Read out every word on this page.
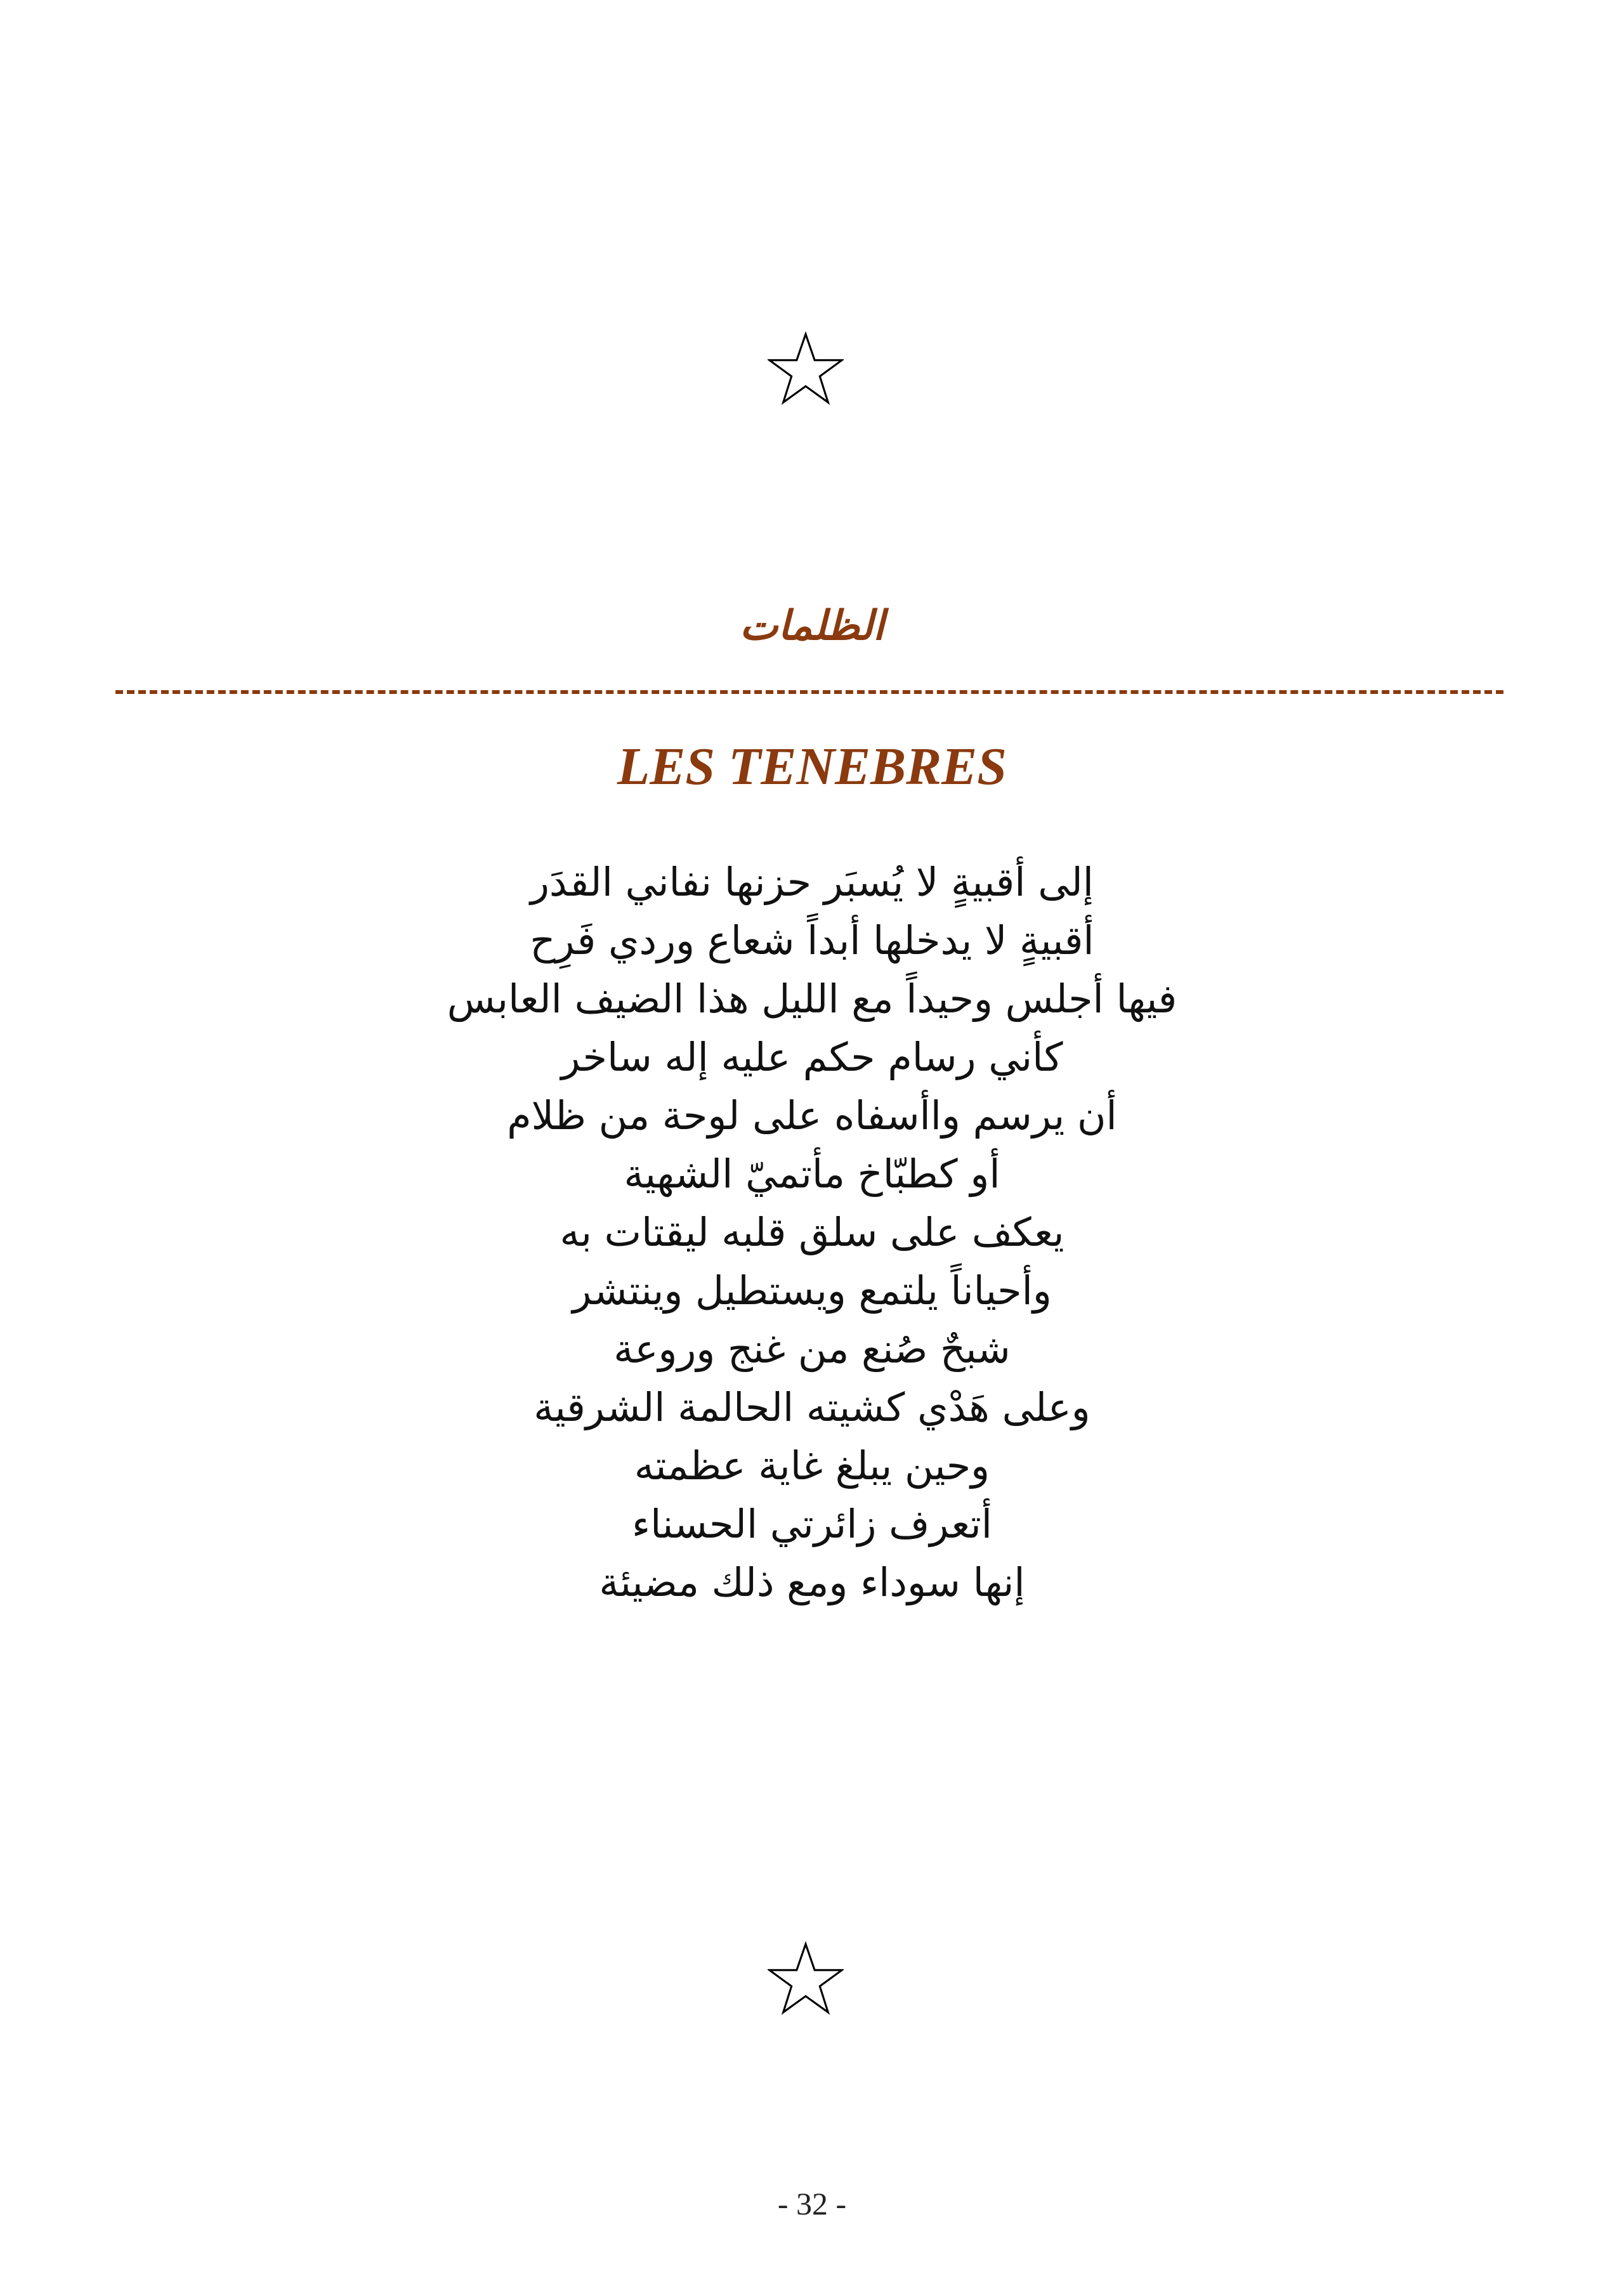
الظلمات
LES TENEBRES
إلى أقبيةٍ لا يُسبَر حزنها نفاني القدَر
أقبيةٍ لا يدخلها أبداً شعاع وردي فَرِح
فيها أجلس وحيداً مع الليل هذا الضيف العابس
كأني رسام حكم عليه إله ساخر
أن يرسم واأسفاه على لوحة من ظلام
أو كطبّاخ مأتميّ الشهية
يعكف على سلق قلبه ليقتات به
وأحياناً يلتمع ويستطيل وينتشر
شبحٌ صُنع من غنج وروعة
وعلى هَدْي كشيته الحالمة الشرقية
وحين يبلغ غاية عظمته
أتعرف زائرتي الحسناء
إنها سوداء ومع ذلك مضيئة
- 32 -
